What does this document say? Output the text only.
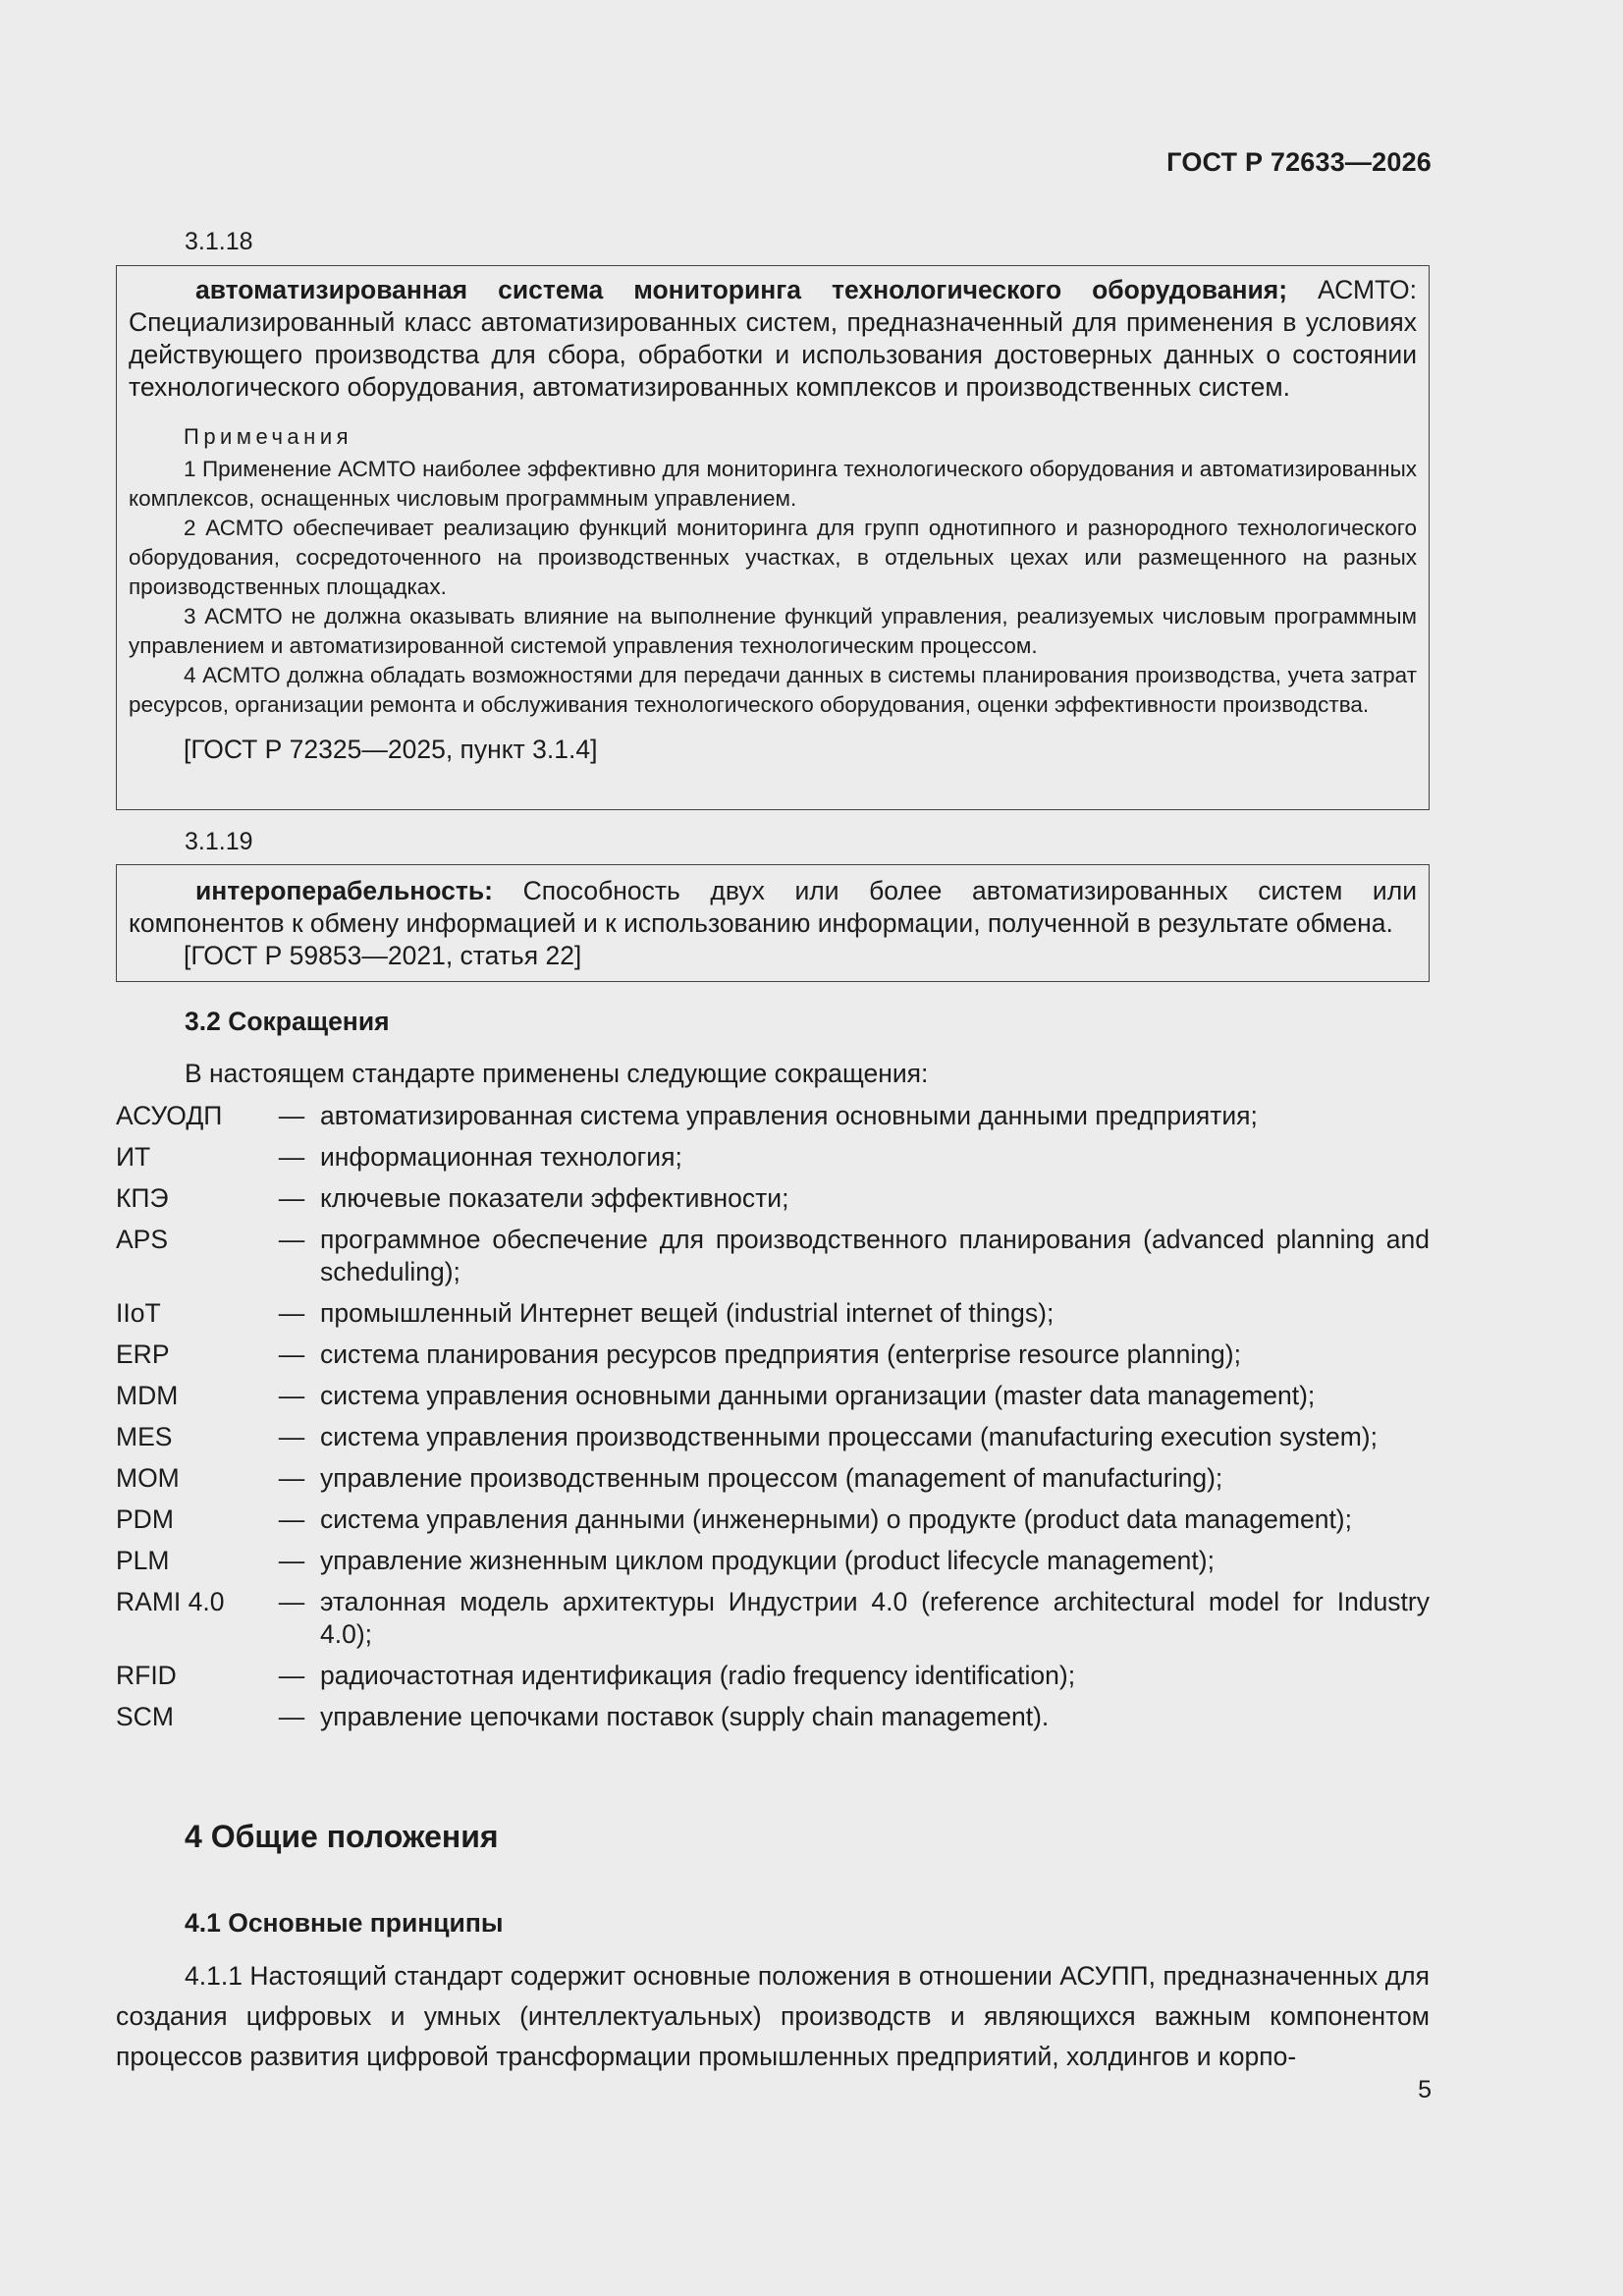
ГОСТ Р 72633—2026
3.1.18

автоматизированная система мониторинга технологического оборудования; АСМТО: Специализированный класс автоматизированных систем, предназначенный для применения в условиях действующего производства для сбора, обработки и использования достоверных данных о состоянии технологического оборудования, автоматизированных комплексов и производственных систем.

Примечания

1 Применение АСМТО наиболее эффективно для мониторинга технологического оборудования и автоматизированных комплексов, оснащенных числовым программным управлением.

2 АСМТО обеспечивает реализацию функций мониторинга для групп однотипного и разнородного технологического оборудования, сосредоточенного на производственных участках, в отдельных цехах или размещенного на разных производственных площадках.

3 АСМТО не должна оказывать влияние на выполнение функций управления, реализуемых числовым программным управлением и автоматизированной системой управления технологическим процессом.

4 АСМТО должна обладать возможностями для передачи данных в системы планирования производства, учета затрат ресурсов, организации ремонта и обслуживания технологического оборудования, оценки эффективности производства.

[ГОСТ Р 72325—2025, пункт 3.1.4]

3.1.19

интероперабельность: Способность двух или более автоматизированных систем или компонентов к обмену информацией и к использованию информации, полученной в результате обмена.

[ГОСТ Р 59853—2021, статья 22]

3.2 Сокращения
В настоящем стандарте применены следующие сокращения:
АСУОДП	— автоматизированная система управления основными данными предприятия;
ИТ	— информационная технология;
КПЭ	— ключевые показатели эффективности;
APS	— программное обеспечение для производственного планирования (advanced planning and scheduling);
IIoT	— промышленный Интернет вещей (industrial internet of things);
ERP	— система планирования ресурсов предприятия (enterprise resource planning);
MDM	— система управления основными данными организации (master data management);
MES	— система управления производственными процессами (manufacturing execution system);
MOM	— управление производственным процессом (management of manufacturing);
PDM	— система управления данными (инженерными) о продукте (product data management);
PLM	— управление жизненным циклом продукции (product lifecycle management);
RAMI 4.0	— эталонная модель архитектуры Индустрии 4.0 (reference architectural model for Industry 4.0);
RFID	— радиочастотная идентификация (radio frequency identification);
SCM	— управление цепочками поставок (supply chain management).
4 Общие положения
4.1 Основные принципы

4.1.1 Настоящий стандарт содержит основные положения в отношении АСУПП, предназначенных для создания цифровых и умных (интеллектуальных) производств и являющихся важным компонентом процессов развития цифровой трансформации промышленных предприятий, холдингов и корпо-

5
